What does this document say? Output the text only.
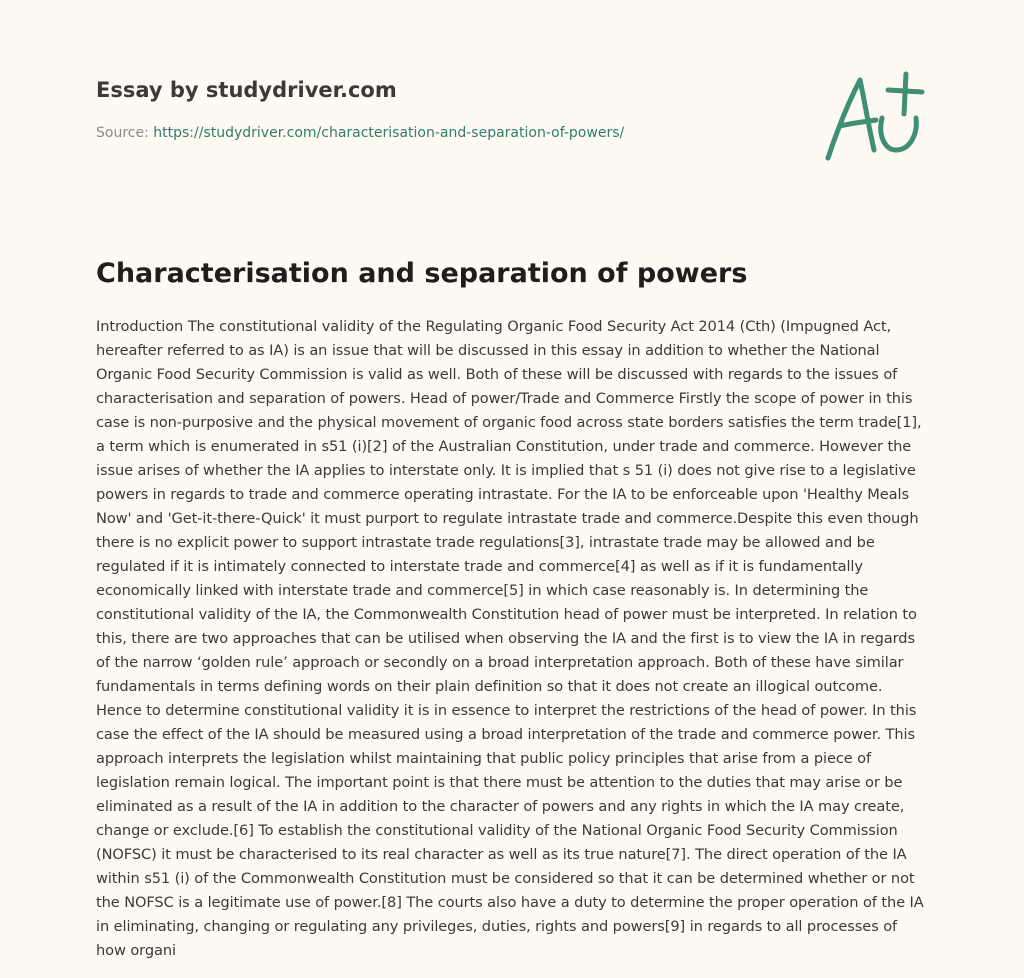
Essay by studydriver.com
Source: https://studydriver.com/characterisation-and-separation-of-powers/
Characterisation and separation of powers

Introduction The constitutional validity of the Regulating Organic Food Security Act 2014 (Cth) (Impugned Act, hereafter referred to as IA) is an issue that will be discussed in this essay in addition to whether the National Organic Food Security Commission is valid as well. Both of these will be discussed with regards to the issues of characterisation and separation of powers. Head of power/Trade and Commerce Firstly the scope of power in this case is non-purposive and the physical movement of organic food across state borders satisfies the term trade[1], a term which is enumerated in s51 (i)[2] of the Australian Constitution, under trade and commerce. However the issue arises of whether the IA applies to interstate only. It is implied that s 51 (i) does not give rise to a legislative powers in regards to trade and commerce operating intrastate. For the IA to be enforceable upon 'Healthy Meals Now' and 'Get-it-there-Quick' it must purport to regulate intrastate trade and commerce.Despite this even though there is no explicit power to support intrastate trade regulations[3], intrastate trade may be allowed and be regulated if it is intimately connected to interstate trade and commerce[4] as well as if it is fundamentally economically linked with interstate trade and commerce[5] in which case reasonably is. In determining the constitutional validity of the IA, the Commonwealth Constitution head of power must be interpreted. In relation to this, there are two approaches that can be utilised when observing the IA and the first is to view the IA in regards of the narrow ‘golden rule’ approach or secondly on a broad interpretation approach. Both of these have similar fundamentals in terms defining words on their plain definition so that it does not create an illogical outcome. Hence to determine constitutional validity it is in essence to interpret the restrictions of the head of power. In this case the effect of the IA should be measured using a broad interpretation of the trade and commerce power. This approach interprets the legislation whilst maintaining that public policy principles that arise from a piece of legislation remain logical. The important point is that there must be attention to the duties that may arise or be eliminated as a result of the IA in addition to the character of powers and any rights in which the IA may create, change or exclude.[6] To establish the constitutional validity of the National Organic Food Security Commission (NOFSC) it must be characterised to its real character as well as its true nature[7]. The direct operation of the IA within s51 (i) of the Commonwealth Constitution must be considered so that it can be determined whether or not the NOFSC is a legitimate use of power.[8] The courts also have a duty to determine the proper operation of the IA in eliminating, changing or regulating any privileges, duties, rights and powers[9] in regards to all processes of how organi
